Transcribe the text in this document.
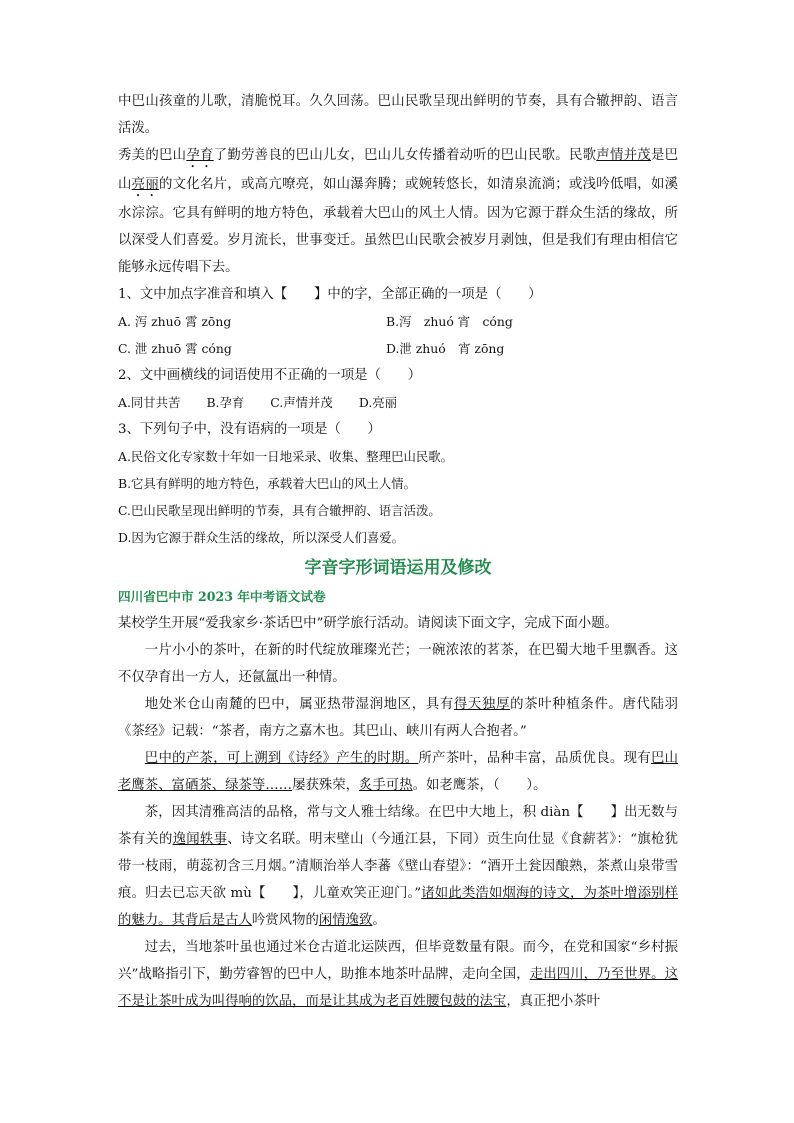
中巴山孩童的儿歌，清脆悦耳。久久回荡。巴山民歌呈现出鲜明的节奏，具有合辙押韵、语言活泼。

秀美的巴山孕育了勤劳善良的巴山儿女，巴山儿女传播着动听的巴山民歌。民歌声情并茂是巴山亮丽的文化名片，或高亢嘹亮，如山瀑奔腾；或婉转悠长，如清泉流淌；或浅吟低唱，如溪水淙淙。它具有鲜明的地方特色，承载着大巴山的风土人情。因为它源于群众生活的缘故，所以深受人们喜爱。岁月流长，世事变迁。虽然巴山民歌会被岁月剥蚀，但是我们有理由相信它能够永远传唱下去。

1、文中加点字准音和填入【　　】中的字，全部正确的一项是（　　）

A. 泻 zhuō 霄 zōng	B.泻　zhuó 宵　cóng
C. 泄 zhuō 霄 cóng	D.泄 zhuó　宵 zōng

2、文中画横线的词语使用不正确的一项是（　　）

A.同甘共苦 B.孕育 C.声情并茂 D.亮丽

3、下列句子中，没有语病的一项是（　　）

A.民俗文化专家数十年如一日地采录、收集、整理巴山民歌。
B.它具有鲜明的地方特色，承载着大巴山的风土人情。
C.巴山民歌呈现出鲜明的节奏，具有合辙押韵、语言活泼。
D.因为它源于群众生活的缘故，所以深受人们喜爱。
字音字形词语运用及修改
四川省巴中市 2023 年中考语文试卷

某校学生开展“爱我家乡·茶话巴中”研学旅行活动。请阅读下面文字，完成下面小题。

一片小小的茶叶，在新的时代绽放璀璨光芒；一碗浓浓的茗茶，在巴蜀大地千里飘香。这不仅孕育出一方人，还氤氲出一种情。

地处米仓山南麓的巴中，属亚热带湿润地区，具有得天独厚的茶叶种植条件。唐代陆羽《茶经》记载：“茶者，南方之嘉木也。其巴山、峡川有两人合抱者。”

巴中的产茶，可上溯到《诗经》产生的时期。所产茶叶，品种丰富，品质优良。现有巴山老鹰茶、富硒茶、绿茶等……屡获殊荣，炙手可热。如老鹰茶，（　　）。

茶，因其清雅高洁的品格，常与文人雅士结缘。在巴中大地上，积 diàn【　　】出无数与茶有关的逸闻轶事、诗文名联。明末壁山（今通江县，下同）贡生向仕显《食薪茗》：“旗枪犹带一枝雨，萌蕊初含三月烟。”清顺治举人李蕃《壁山春望》：“酒开土瓮因酿熟，茶煮山泉带雪痕。归去已忘天欲 mù【　　】，儿童欢笑正迎门。”诸如此类浩如烟海的诗文，为茶叶增添别样的魅力。其背后是古人吟赏风物的闲情逸致。

过去，当地茶叶虽也通过米仓古道北运陕西，但毕竟数量有限。而今，在党和国家“乡村振兴”战略指引下，勤劳睿智的巴中人，助推本地茶叶品牌，走向全国，走出四川，乃至世界。这不是让茶叶成为叫得响的饮品，而是让其成为老百姓腰包鼓的法宝，真正把小茶叶
